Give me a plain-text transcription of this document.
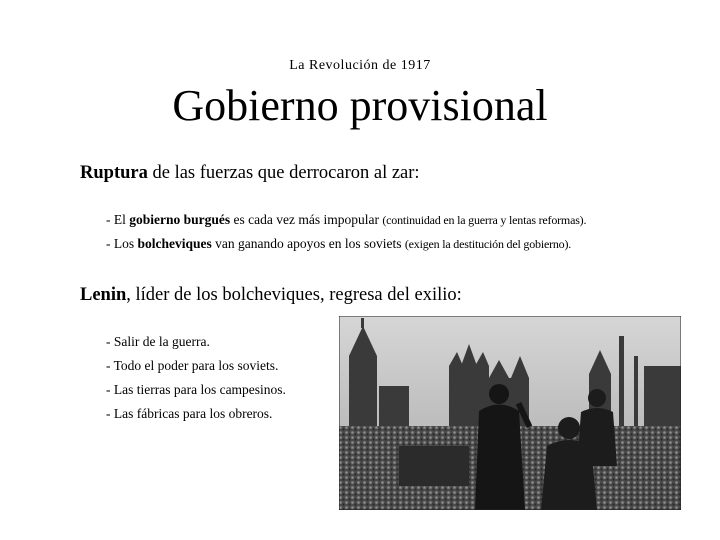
La Revolución de 1917
Gobierno provisional
Ruptura de las fuerzas que derrocaron al zar:
- El gobierno burgués es cada vez más impopular (continuidad en la guerra y lentas reformas).
- Los bolcheviques van ganando apoyos en los soviets (exigen la destitución del gobierno).
Lenin, líder de los bolcheviques, regresa del exilio:
- Salir de la guerra.
- Todo el poder para los soviets.
- Las tierras para los campesinos.
- Las fábricas para los obreros.
